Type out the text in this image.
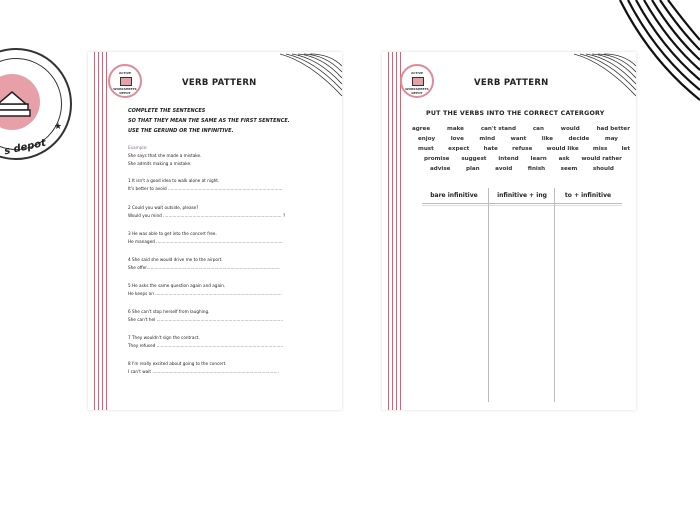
★
s depot
ACTIVE
WORKSHEETS DEPOT
VERB PATTERN
COMPLETE THE SENTENCES
SO THAT THEY MEAN THE SAME AS THE FIRST SENTENCE.
USE THE GERUND OR THE INFINITIVE.
Example:
She says that she made a mistake.
She admits making a mistake.
1 It isn't a good idea to walk alone at night.
It's better to avoid ......................................................................................
2 Could you wait outside, please?
Would you mind ......................................................................................... ?
3 He was able to get into the concert free.
He managed ...............................................................................................
4 She said she would drive me to the airport.
She offer....................................................................................................
5 He asks the same question again and again.
He keeps on ...............................................................................................
6 She can't stop herself from laughing.
She can't hel ...............................................................................................
7 They wouldn't sign the contract.
They refused ...............................................................................................
8 I'm really excited about going to the concert.
I can't wait ...............................................................................................
ACTIVE
WORKSHEETS DEPOT
VERB PATTERN
PUT THE VERBS INTO THE CORRECT CATERGORY
agree	make	can't stand	can	would	had better
enjoy	love	mind	want	like	decide	may
must	expect	hate	refuse	would like	miss	let
promise suggest intend learn ask would rather
advise	plan	avoid	finish	seem	should
bare infinitive	infinitive + ing	to + infinitive
